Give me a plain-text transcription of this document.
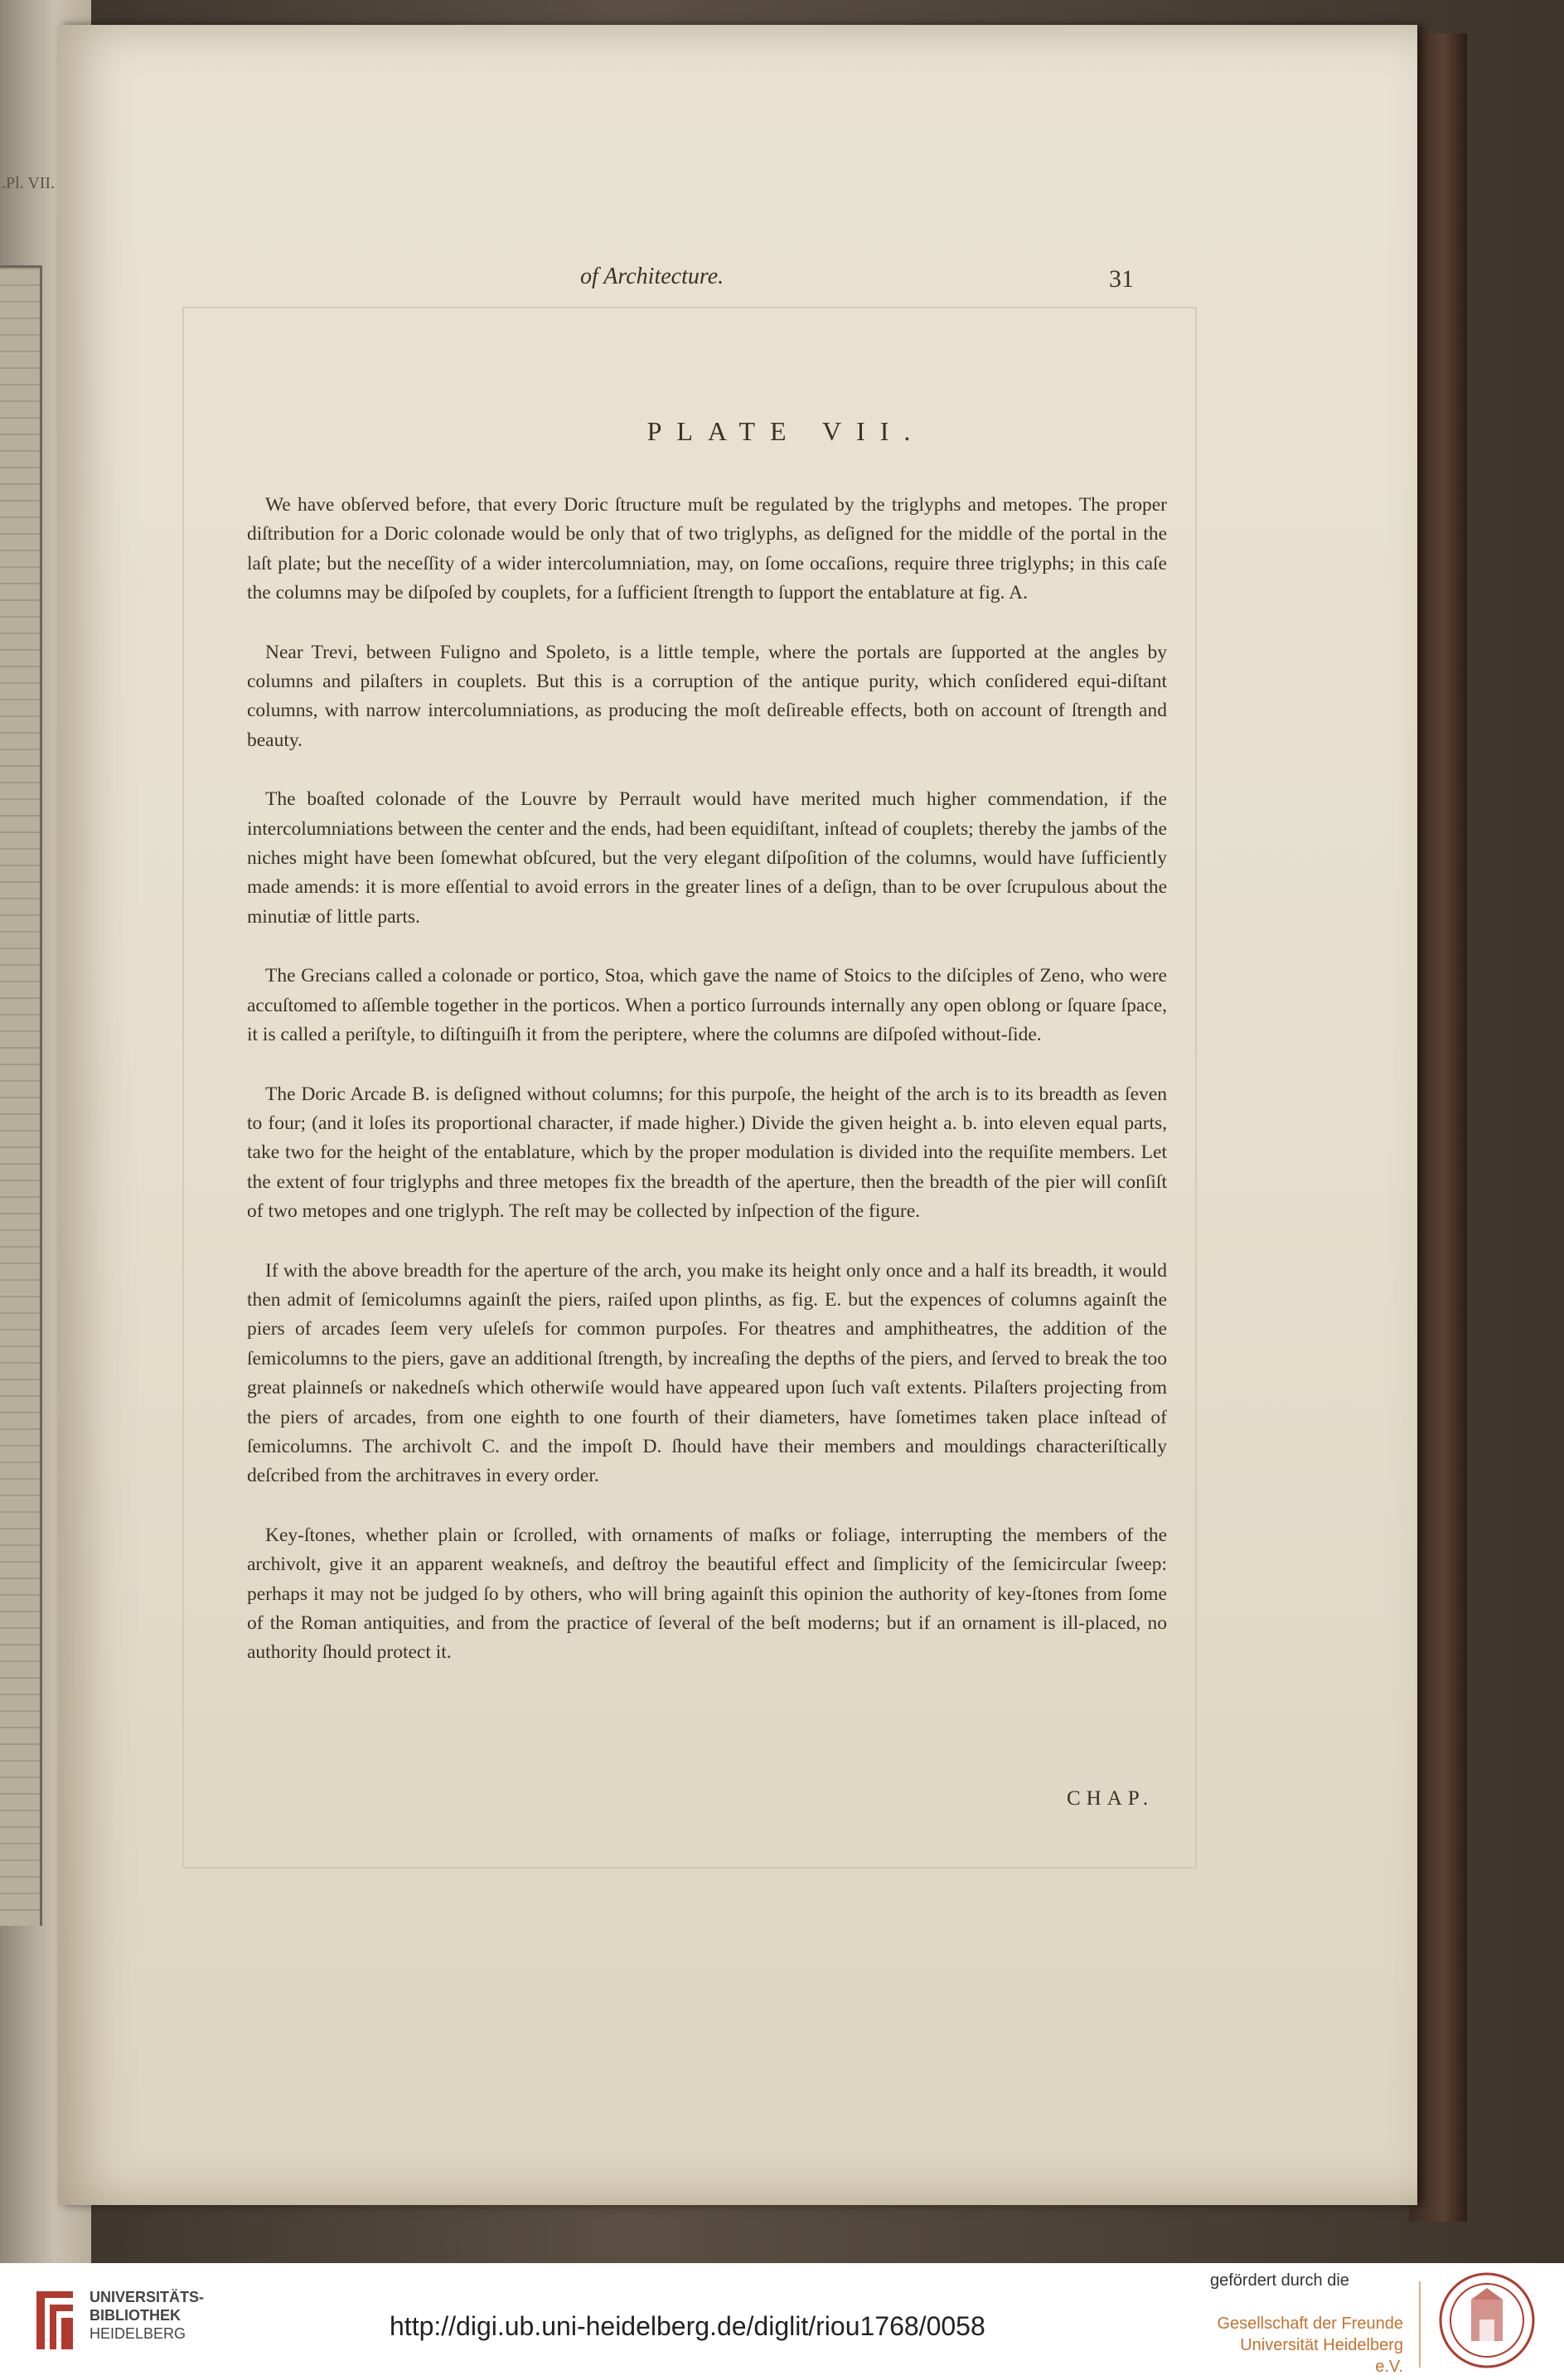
.Pl. VII.
of Architecture.	31
PLATE VII.

We have obſerved before, that every Doric ſtructure muſt be regulated by the triglyphs and metopes. The proper diſtribution for a Doric colonade would be only that of two triglyphs, as deſigned for the middle of the portal in the laſt plate; but the neceſſity of a wider intercolumniation, may, on ſome occaſions, require three triglyphs; in this caſe the columns may be diſpoſed by couplets, for a ſufficient ſtrength to ſupport the entablature at fig. A.

Near Trevi, between Fuligno and Spoleto, is a little temple, where the portals are ſupported at the angles by columns and pilaſters in couplets. But this is a corruption of the antique purity, which conſidered equi-diſtant columns, with narrow intercolumniations, as producing the moſt deſireable effects, both on account of ſtrength and beauty.

The boaſted colonade of the Louvre by Perrault would have merited much higher commendation, if the intercolumniations between the center and the ends, had been equidiſtant, inſtead of couplets; thereby the jambs of the niches might have been ſomewhat obſcured, but the very elegant diſpoſition of the columns, would have ſufficiently made amends: it is more eſſential to avoid errors in the greater lines of a deſign, than to be over ſcrupulous about the minutiæ of little parts.

The Grecians called a colonade or portico, Stoa, which gave the name of Stoics to the diſciples of Zeno, who were accuſtomed to aſſemble together in the porticos. When a portico ſurrounds internally any open oblong or ſquare ſpace, it is called a periſtyle, to diſtinguiſh it from the periptere, where the columns are diſpoſed without-ſide.

The Doric Arcade B. is deſigned without columns; for this purpoſe, the height of the arch is to its breadth as ſeven to four; (and it loſes its proportional character, if made higher.) Divide the given height a. b. into eleven equal parts, take two for the height of the entablature, which by the proper modulation is divided into the requiſite members. Let the extent of four triglyphs and three metopes fix the breadth of the aperture, then the breadth of the pier will conſiſt of two metopes and one triglyph. The reſt may be collected by inſpection of the figure.

If with the above breadth for the aperture of the arch, you make its height only once and a half its breadth, it would then admit of ſemicolumns againſt the piers, raiſed upon plinths, as fig. E. but the expences of columns againſt the piers of arcades ſeem very uſeleſs for common purpoſes. For theatres and amphitheatres, the addition of the ſemicolumns to the piers, gave an additional ſtrength, by increaſing the depths of the piers, and ſerved to break the too great plainneſs or nakedneſs which otherwiſe would have appeared upon ſuch vaſt extents. Pilaſters projecting from the piers of arcades, from one eighth to one fourth of their diameters, have ſometimes taken place inſtead of ſemicolumns. The archivolt C. and the impoſt D. ſhould have their members and mouldings characteriſtically deſcribed from the architraves in every order.

Key-ſtones, whether plain or ſcrolled, with ornaments of maſks or foliage, interrupting the members of the archivolt, give it an apparent weakneſs, and deſtroy the beautiful effect and ſimplicity of the ſemicircular ſweep: perhaps it may not be judged ſo by others, who will bring againſt this opinion the authority of key-ſtones from ſome of the Roman antiquities, and from the practice of ſeveral of the beſt moderns; but if an ornament is ill-placed, no authority ſhould protect it.

CHAP.
UNIVERSITÄTS-
BIBLIOTHEK
HEIDELBERG	http://digi.ub.uni-heidelberg.de/diglit/riou1768/0058
gefördert durch die
Gesellschaft der Freunde
Universität Heidelberg e.V.
